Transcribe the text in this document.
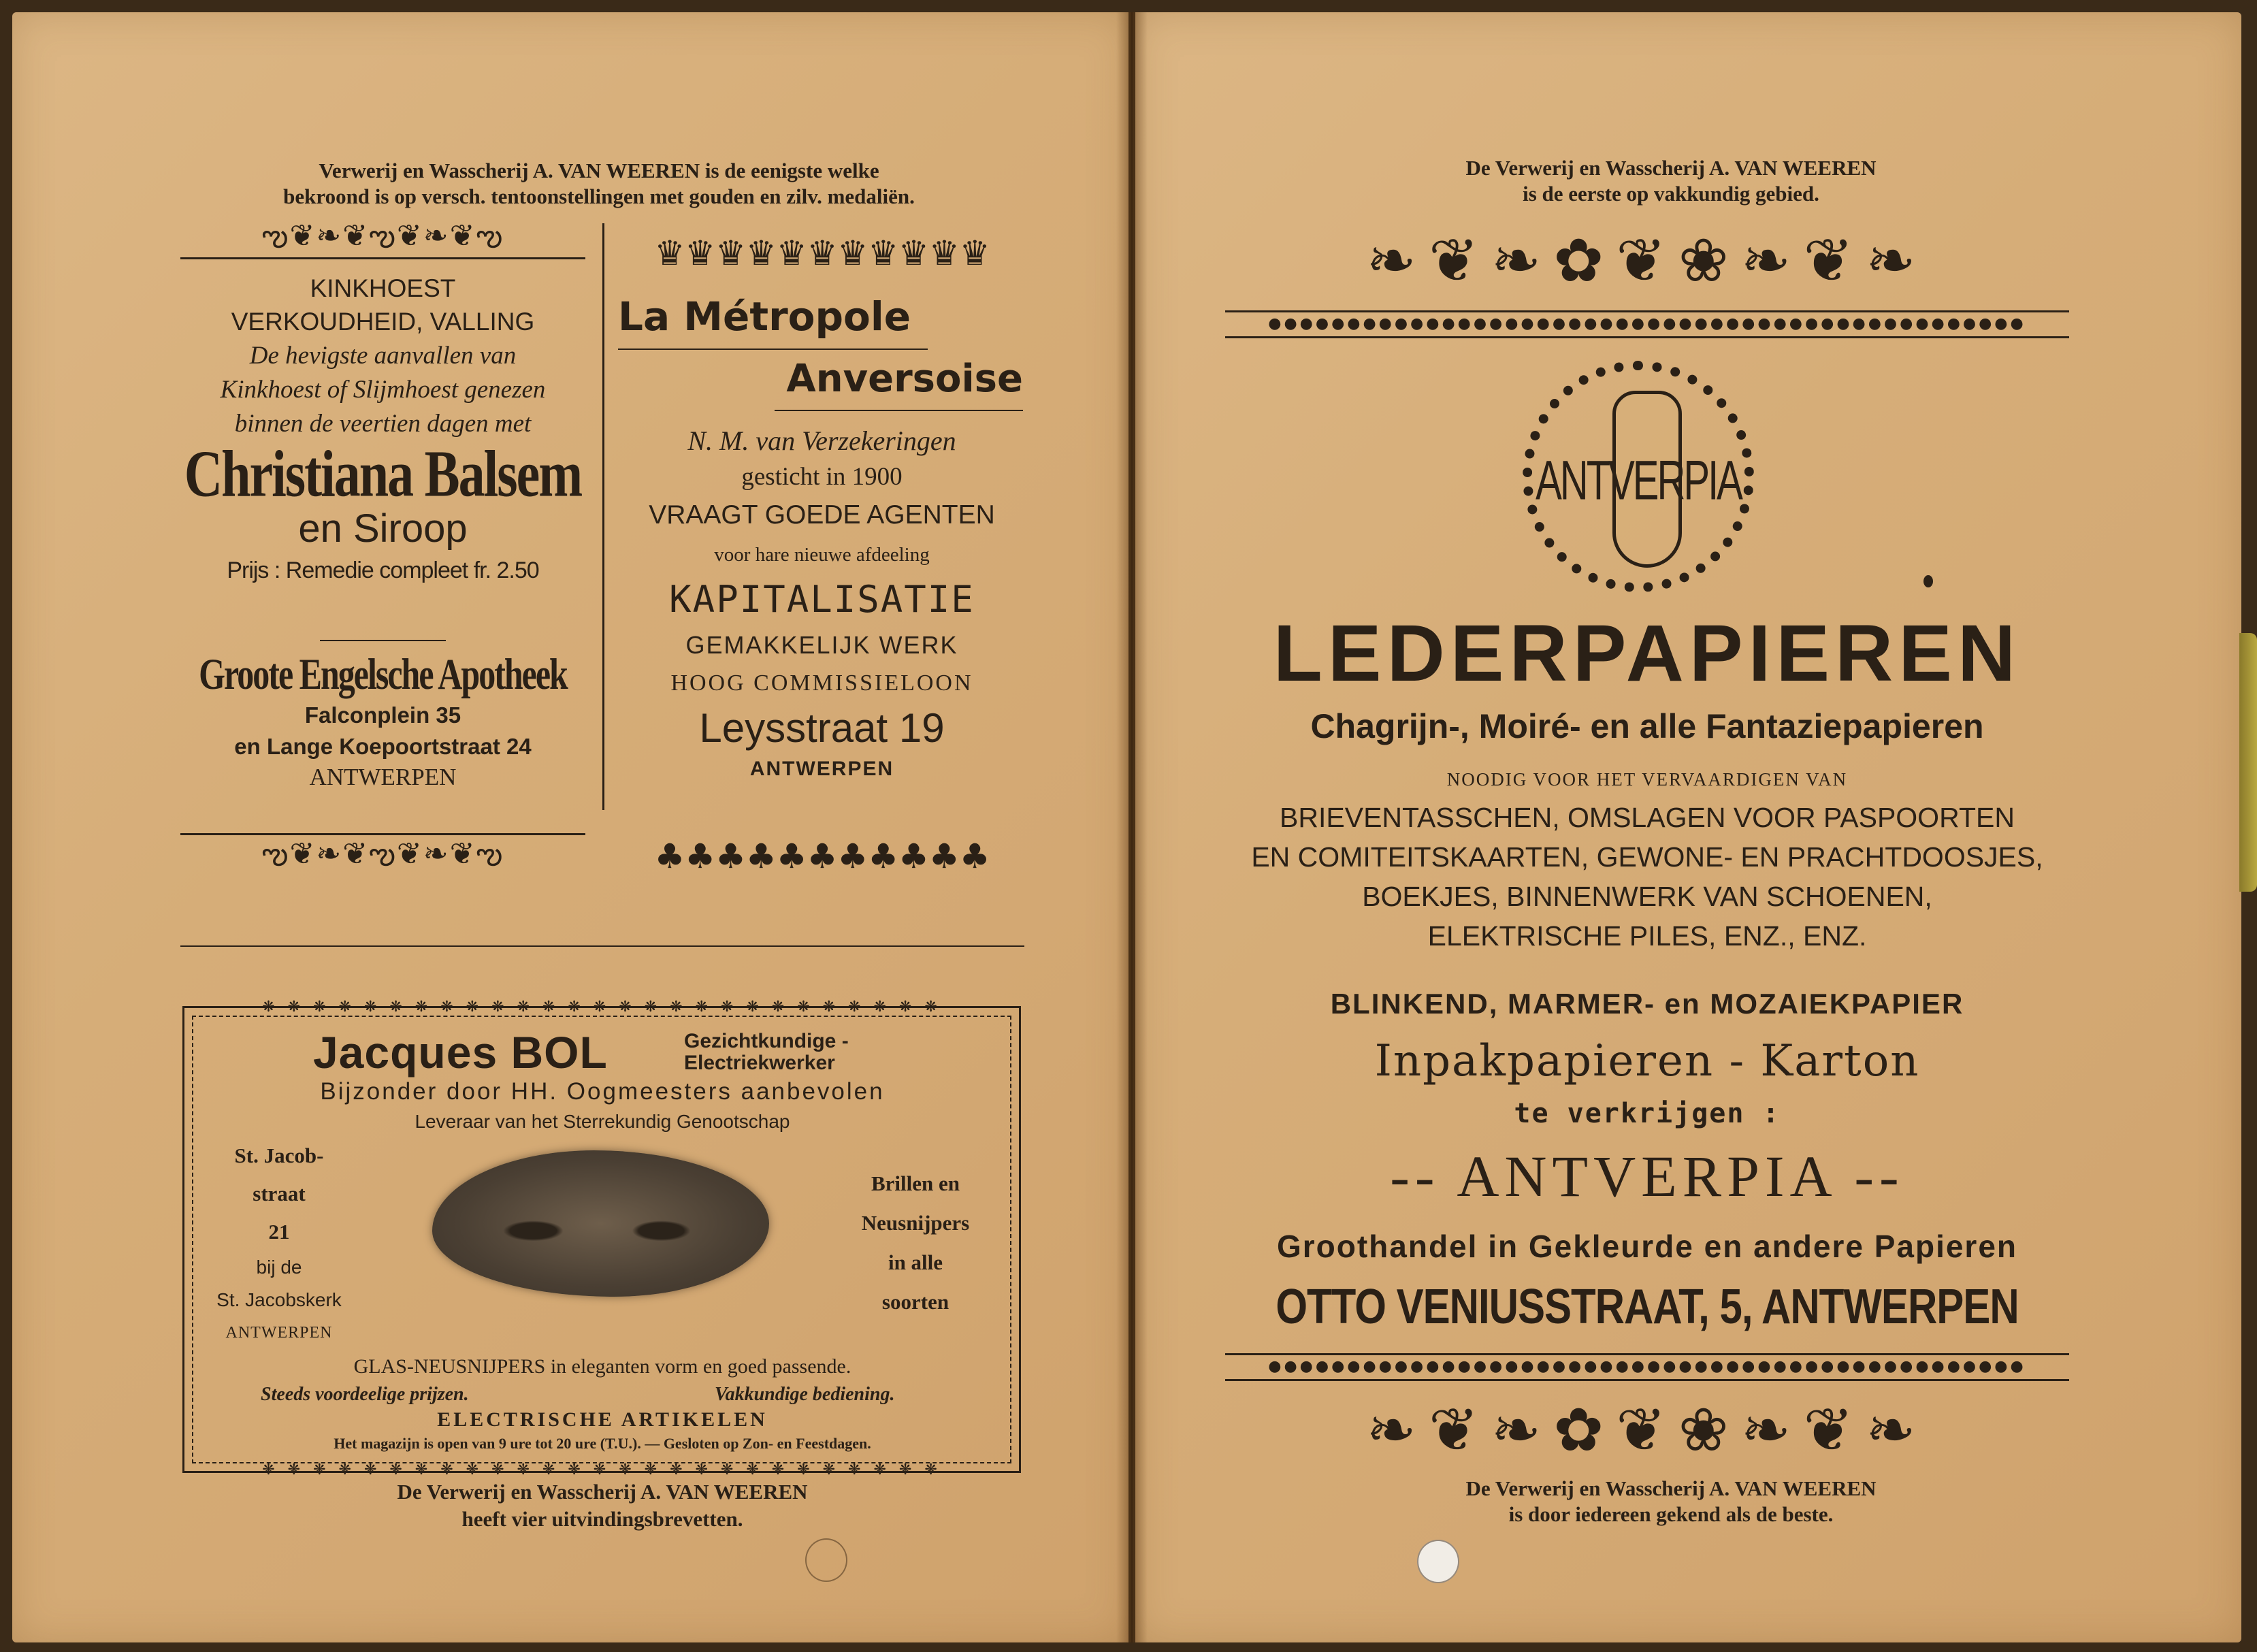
Verwerij en Wasscherij A. VAN WEEREN is de eenigste welke
bekroond is op versch. tentoonstellingen met gouden en zilv. medaliën.
ఌ❦❧❦ఌ❦❧❦ఌ
KINKHOEST
VERKOUDHEID, VALLING
De hevigste aanvallen van
Kinkhoest of Slijmhoest genezen
binnen de veertien dagen met
Christiana Balsem
en Siroop
Prijs : Remedie compleet fr. 2.50
Groote Engelsche Apotheek
Falconplein 35
en Lange Koepoortstraat 24
ANTWERPEN
ఌ❦❧❦ఌ❦❧❦ఌ
♛♛♛♛♛♛♛♛♛♛♛
La Métropole
Anversoise
N. M. van Verzekeringen
gesticht in 1900
VRAAGT GOEDE AGENTEN
voor hare nieuwe afdeeling
KAPITALISATIE
GEMAKKELIJK WERK
HOOG COMMISSIELOON
Leysstraat 19
ANTWERPEN
♣♣♣♣♣♣♣♣♣♣♣
❋ ❋ ❋ ❋ ❋ ❋ ❋ ❋ ❋ ❋ ❋ ❋ ❋ ❋ ❋ ❋ ❋ ❋ ❋ ❋ ❋ ❋ ❋ ❋ ❋ ❋ ❋
❋ ❋ ❋ ❋ ❋ ❋ ❋ ❋ ❋ ❋ ❋ ❋ ❋ ❋ ❋ ❋ ❋ ❋ ❋ ❋ ❋ ❋ ❋ ❋ ❋ ❋ ❋
Jacques BOL	Gezichtkundige -
Electriekwerker
Bijzonder door HH. Oogmeesters aanbevolen
Leveraar van het Sterrekundig Genootschap
St. Jacob-
straat
21
bij de
St. Jacobskerk
ANTWERPEN
Brillen en
Neusnijpers
in alle
soorten
GLAS-NEUSNIJPERS in eleganten vorm en goed passende.
Steeds voordeelige prijzen.	Vakkundige bediening.
ELECTRISCHE ARTIKELEN
Het magazijn is open van 9 ure tot 20 ure (T.U.). — Gesloten op Zon- en Feestdagen.
De Verwerij en Wasscherij A. VAN WEEREN
heeft vier uitvindingsbrevetten.
De Verwerij en Wasscherij A. VAN WEEREN
is de eerste op vakkundig gebied.
❧❦❧✿❦❀❧❦❧
●●●●●●●●●●●●●●●●●●●●●●●●●●●●●●●●●●●●●●●●●●●●●●●●
ANTVERPIA
LEDERPAPIEREN
Chagrijn-, Moiré- en alle Fantaziepapieren
NOODIG VOOR HET VERVAARDIGEN VAN
BRIEVENTASSCHEN, OMSLAGEN VOOR PASPOORTEN
EN COMITEITSKAARTEN, GEWONE- EN PRACHTDOOSJES,
BOEKJES, BINNENWERK VAN SCHOENEN,
ELEKTRISCHE PILES, ENZ., ENZ.
BLINKEND, MARMER- en MOZAIEKPAPIER
Inpakpapieren - Karton
te verkrijgen :
-- ANTVERPIA --
Groothandel in Gekleurde en andere Papieren
OTTO VENIUSSTRAAT, 5, ANTWERPEN
●●●●●●●●●●●●●●●●●●●●●●●●●●●●●●●●●●●●●●●●●●●●●●●●
❧❦❧✿❦❀❧❦❧
De Verwerij en Wasscherij A. VAN WEEREN
is door iedereen gekend als de beste.
